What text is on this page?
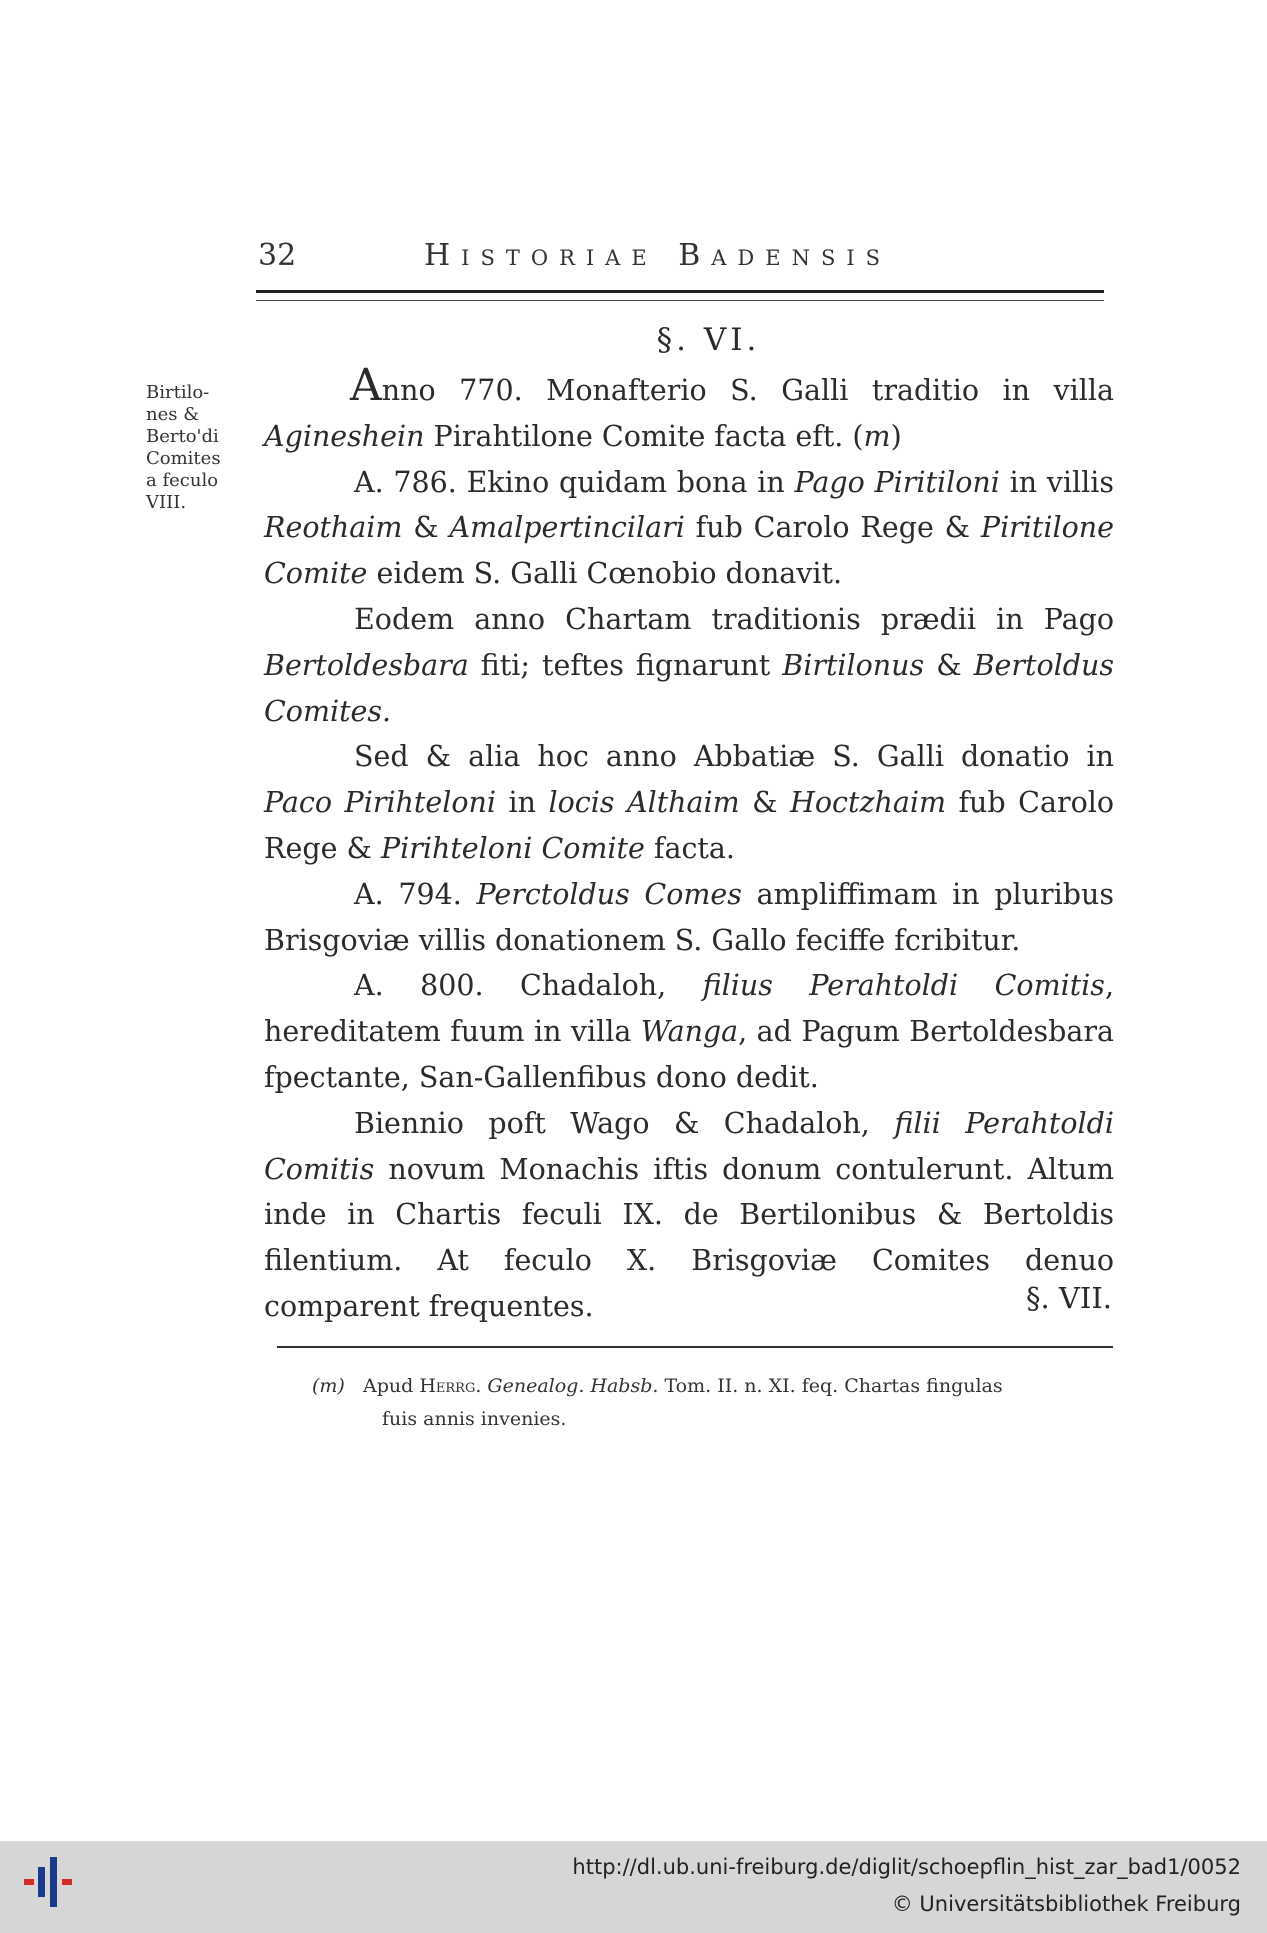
32	Historiae Badensis
§. VI.
Birtilo-
nes &
Berto'di
Comites
a feculo
VIII.

Anno 770. Monafterio S. Galli traditio in villa Agineshein Pirahtilone Comite facta eft. (m)

A. 786. Ekino quidam bona in Pago Piritiloni in villis Reothaim & Amalpertincilari fub Carolo Rege & Piritilone Comite eidem S. Galli Cœnobio donavit.

Eodem anno Chartam traditionis prædii in Pago Bertoldesbara fiti; teftes fignarunt Birtilonus & Bertoldus Comites.

Sed & alia hoc anno Abbatiæ S. Galli donatio in Paco Pirihteloni in locis Althaim & Hoctzhaim fub Carolo Rege & Pirihteloni Comite facta.

A. 794. Perctoldus Comes ampliffimam in pluribus Brisgoviæ villis donationem S. Gallo feciffe fcribitur.

A. 800. Chadaloh, filius Perahtoldi Comitis, hereditatem fuum in villa Wanga, ad Pagum Bertoldesbara fpectante, San-Gallenfibus dono dedit.

Biennio poft Wago & Chadaloh, filii Perahtoldi Comitis novum Monachis iftis donum contulerunt. Altum inde in Chartis feculi IX. de Bertilonibus & Bertoldis filentium. At feculo X. Brisgoviæ Comites denuo comparent frequentes.	§. VII.
(m) Apud Herrg. Genealog. Habsb. Tom. II. n. XI. feq. Chartas fingulas
fuis annis invenies.
http://dl.ub.uni-freiburg.de/diglit/schoepflin_hist_zar_bad1/0052
© Universitätsbibliothek Freiburg
